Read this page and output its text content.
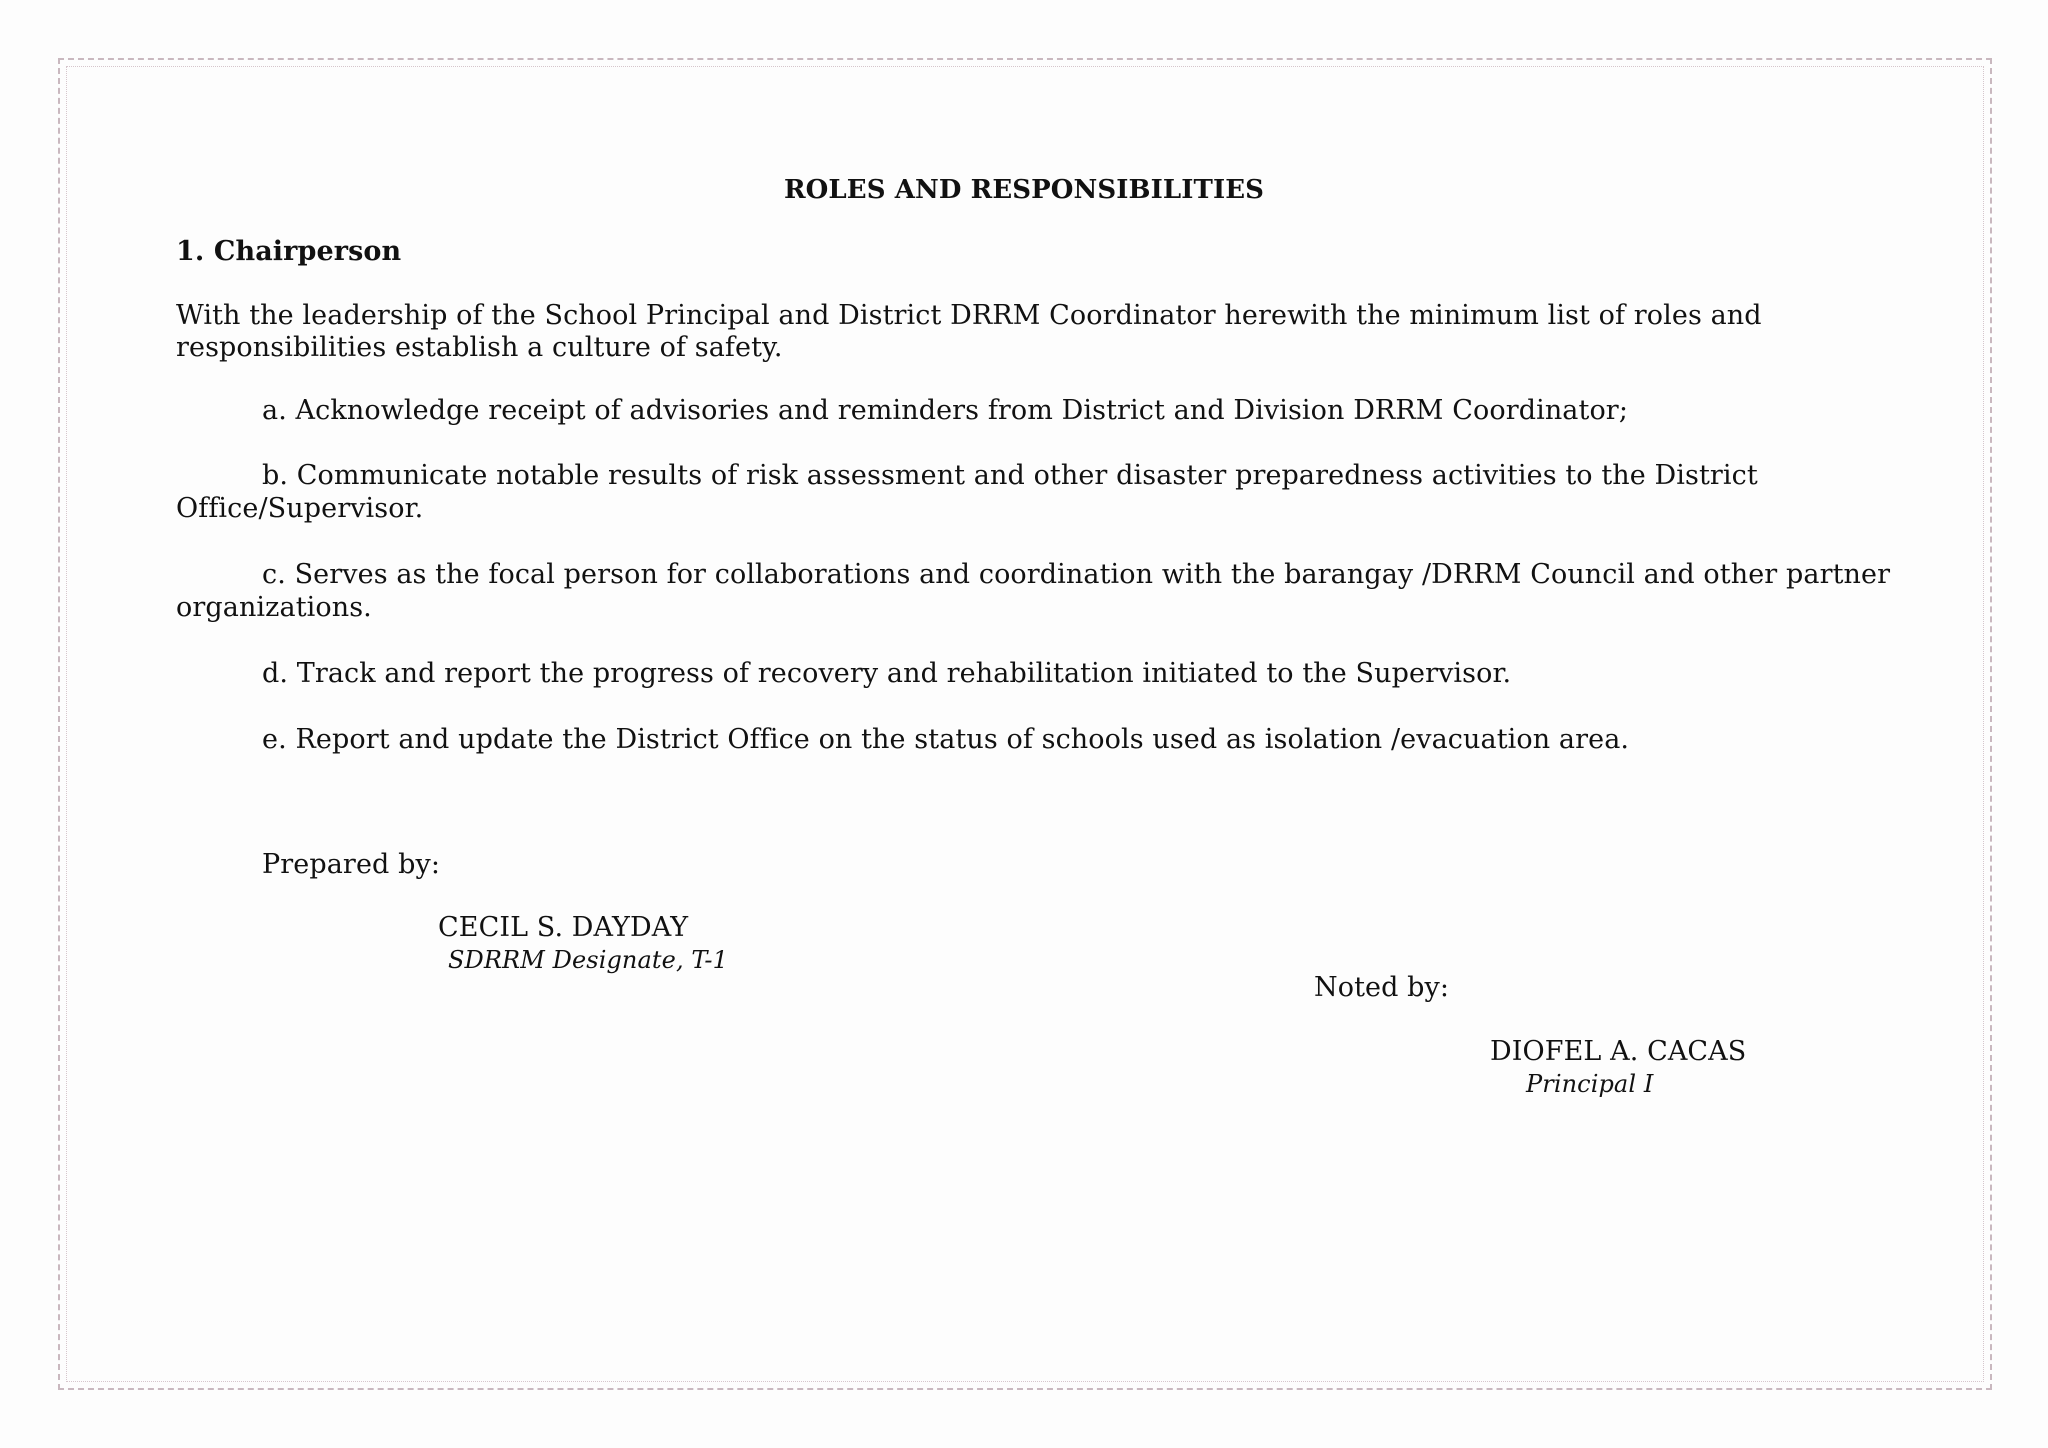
ROLES AND RESPONSIBILITIES

1. Chairperson

With the leadership of the School Principal and District DRRM Coordinator herewith the minimum list of roles and

responsibilities establish a culture of safety.

a. Acknowledge receipt of advisories and reminders from District and Division DRRM Coordinator;

b. Communicate notable results of risk assessment and other disaster preparedness activities to the District

Office/Supervisor.

c. Serves as the focal person for collaborations and coordination with the barangay /DRRM Council and other partner

organizations.

d. Track and report the progress of recovery and rehabilitation initiated to the Supervisor.

e. Report and update the District Office on the status of schools used as isolation /evacuation area.

Prepared by:

CECIL S. DAYDAY

SDRRM Designate, T-1

Noted by:

DIOFEL A. CACAS

Principal I
